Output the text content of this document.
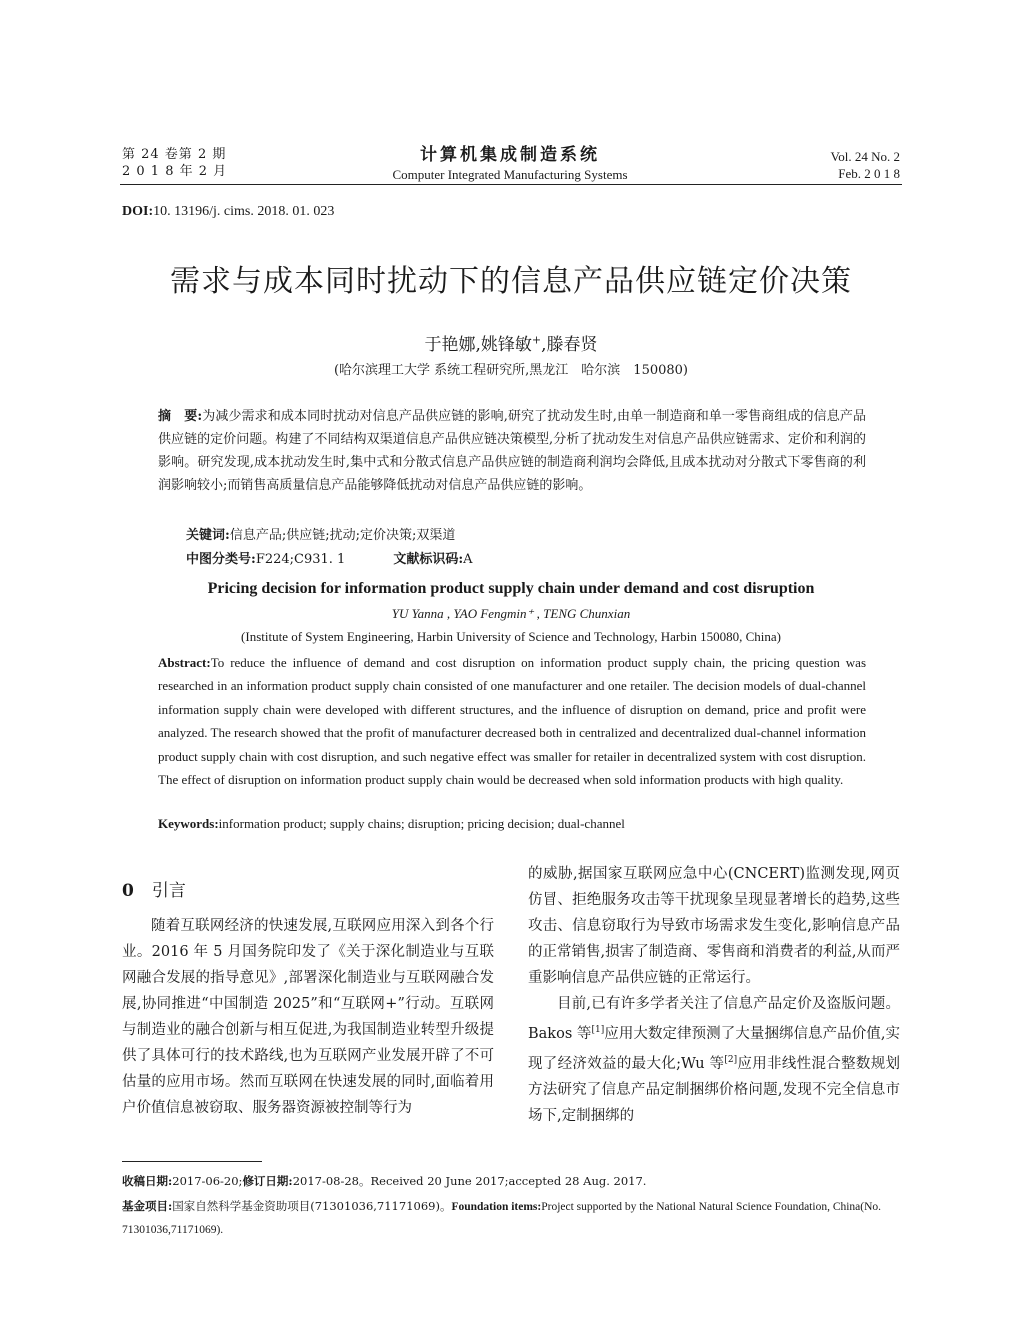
第 24 卷第 2 期
2 0 1 8 年 2 月
计算机集成制造系统
Computer Integrated Manufacturing Systems
Vol. 24 No. 2
Feb. 2 0 1 8
DOI:10. 13196/j. cims. 2018. 01. 023
需求与成本同时扰动下的信息产品供应链定价决策
于艳娜,姚锋敏+,滕春贤
(哈尔滨理工大学 系统工程研究所,黑龙江　哈尔滨　150080)
摘　要:为减少需求和成本同时扰动对信息产品供应链的影响,研究了扰动发生时,由单一制造商和单一零售商组成的信息产品供应链的定价问题。构建了不同结构双渠道信息产品供应链决策模型,分析了扰动发生对信息产品供应链需求、定价和利润的影响。研究发现,成本扰动发生时,集中式和分散式信息产品供应链的制造商利润均会降低,且成本扰动对分散式下零售商的利润影响较小;而销售高质量信息产品能够降低扰动对信息产品供应链的影响。
关键词:信息产品;供应链;扰动;定价决策;双渠道
中图分类号:F224;C931. 1	文献标识码:A
Pricing decision for information product supply chain under demand and cost disruption
YU Yanna , YAO Fengmin⁺ , TENG Chunxian
(Institute of System Engineering, Harbin University of Science and Technology, Harbin 150080, China)
Abstract:To reduce the influence of demand and cost disruption on information product supply chain, the pricing question was researched in an information product supply chain consisted of one manufacturer and one retailer. The decision models of dual-channel information supply chain were developed with different structures, and the influence of disruption on demand, price and profit were analyzed. The research showed that the profit of manufacturer decreased both in centralized and decentralized dual-channel information product supply chain with cost disruption, and such negative effect was smaller for retailer in decentralized system with cost disruption. The effect of disruption on information product supply chain would be decreased when sold information products with high quality.
Keywords:information product; supply chains; disruption; pricing decision; dual-channel
0 引言

随着互联网经济的快速发展,互联网应用深入到各个行业。2016 年 5 月国务院印发了《关于深化制造业与互联网融合发展的指导意见》,部署深化制造业与互联网融合发展,协同推进“中国制造 2025”和“互联网+”行动。互联网与制造业的融合创新与相互促进,为我国制造业转型升级提供了具体可行的技术路线,也为互联网产业发展开辟了不可估量的应用市场。然而互联网在快速发展的同时,面临着用户价值信息被窃取、服务器资源被控制等行为

的威胁,据国家互联网应急中心(CNCERT)监测发现,网页仿冒、拒绝服务攻击等干扰现象呈现显著增长的趋势,这些攻击、信息窃取行为导致市场需求发生变化,影响信息产品的正常销售,损害了制造商、零售商和消费者的利益,从而严重影响信息产品供应链的正常运行。

目前,已有许多学者关注了信息产品定价及盗版问题。Bakos 等[1]应用大数定律预测了大量捆绑信息产品价值,实现了经济效益的最大化;Wu 等[2]应用非线性混合整数规划方法研究了信息产品定制捆绑价格问题,发现不完全信息市场下,定制捆绑的

收稿日期:2017-06-20;修订日期:2017-08-28。Received 20 June 2017;accepted 28 Aug. 2017.
基金项目:国家自然科学基金资助项目(71301036,71171069)。Foundation items:Project supported by the National Natural Science Foundation, China(No. 71301036,71171069).
